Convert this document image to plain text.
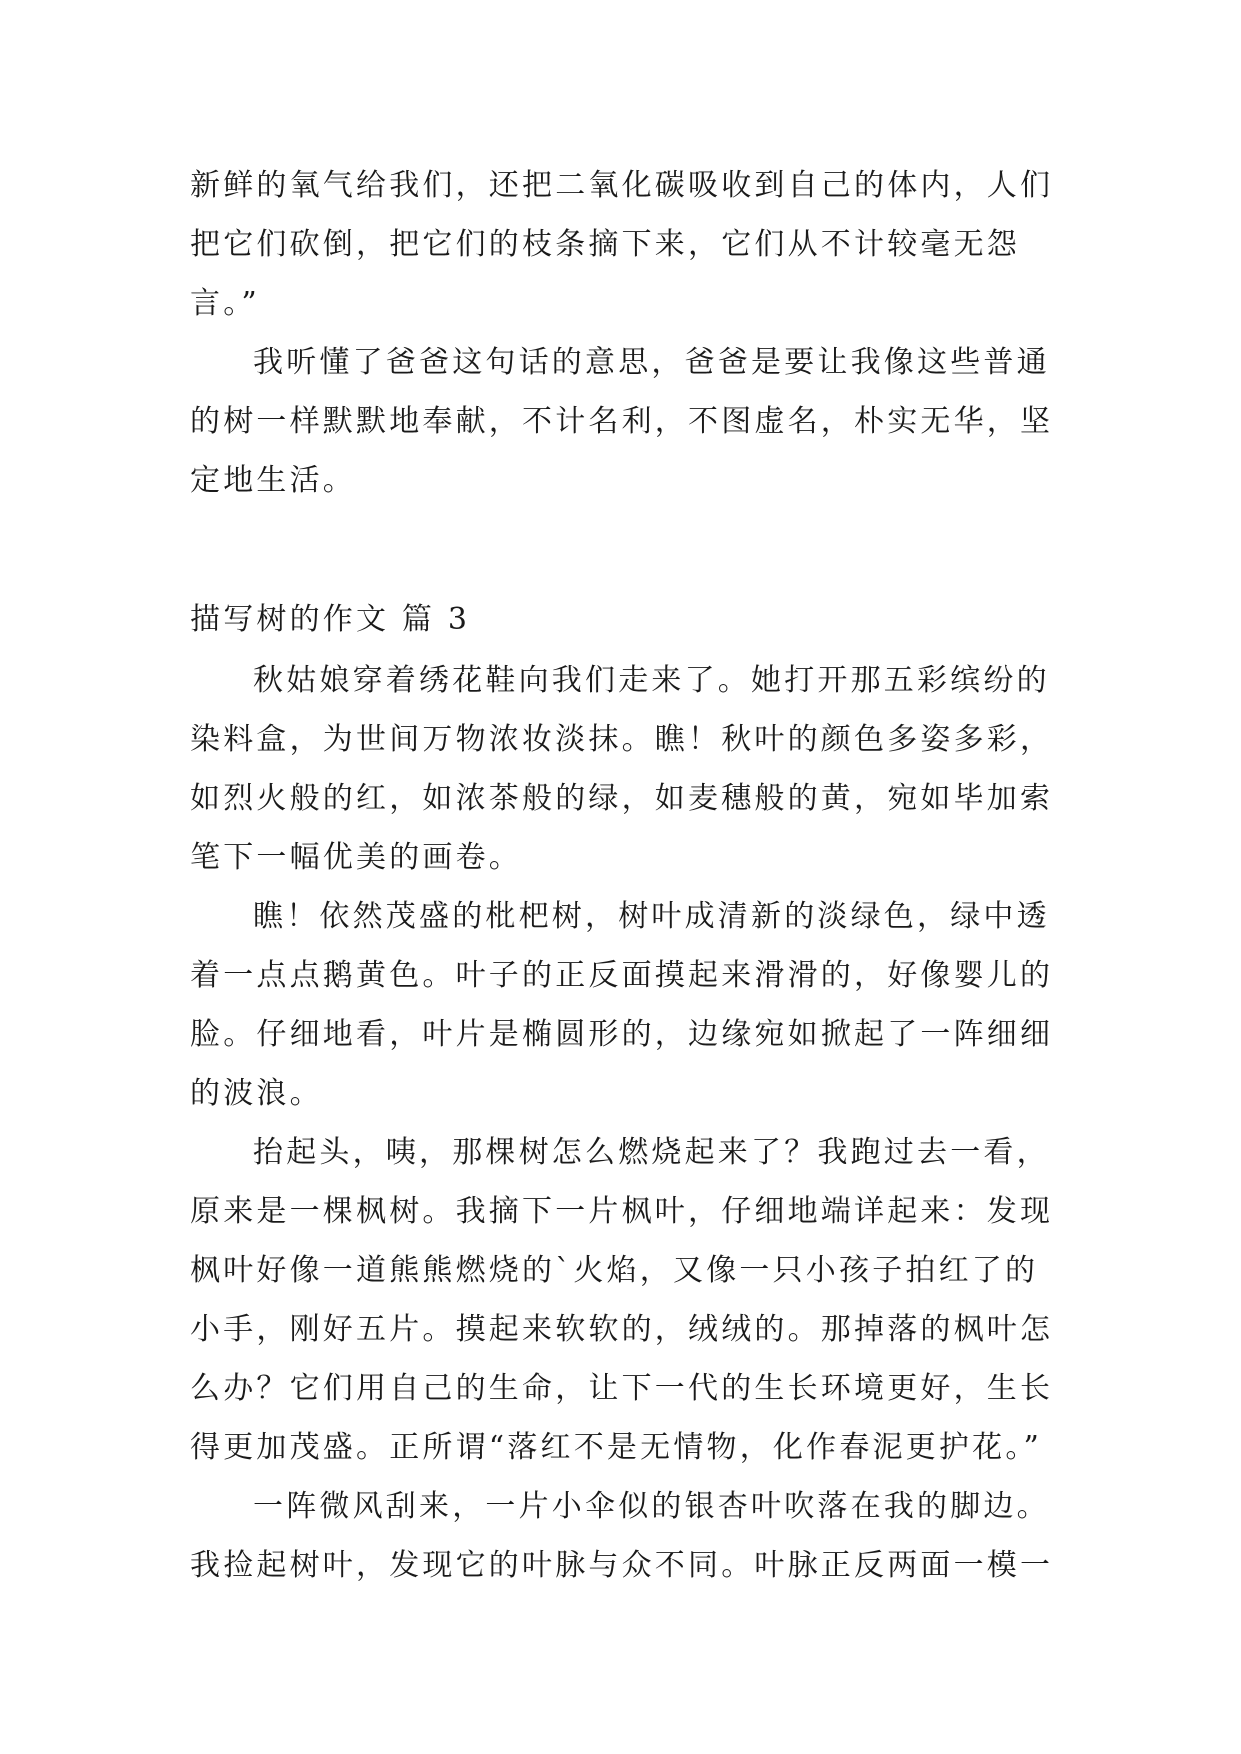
新鲜的氧气给我们，还把二氧化碳吸收到自己的体内，人们
把它们砍倒，把它们的枝条摘下来，它们从不计较毫无怨
言。”
我听懂了爸爸这句话的意思，爸爸是要让我像这些普通
的树一样默默地奉献，不计名利，不图虚名，朴实无华，坚
定地生活。
描写树的作文 篇 3
秋姑娘穿着绣花鞋向我们走来了。她打开那五彩缤纷的
染料盒，为世间万物浓妆淡抹。瞧！秋叶的颜色多姿多彩，
如烈火般的红，如浓茶般的绿，如麦穗般的黄，宛如毕加索
笔下一幅优美的画卷。
瞧！依然茂盛的枇杷树，树叶成清新的淡绿色，绿中透
着一点点鹅黄色。叶子的正反面摸起来滑滑的，好像婴儿的
脸。仔细地看，叶片是椭圆形的，边缘宛如掀起了一阵细细
的波浪。
抬起头，咦，那棵树怎么燃烧起来了？我跑过去一看，
原来是一棵枫树。我摘下一片枫叶，仔细地端详起来：发现
枫叶好像一道熊熊燃烧的`火焰，又像一只小孩子拍红了的
小手，刚好五片。摸起来软软的，绒绒的。那掉落的枫叶怎
么办？它们用自己的生命，让下一代的生长环境更好，生长
得更加茂盛。正所谓“落红不是无情物，化作春泥更护花。”
一阵微风刮来，一片小伞似的银杏叶吹落在我的脚边。
我捡起树叶，发现它的叶脉与众不同。叶脉正反两面一模一
